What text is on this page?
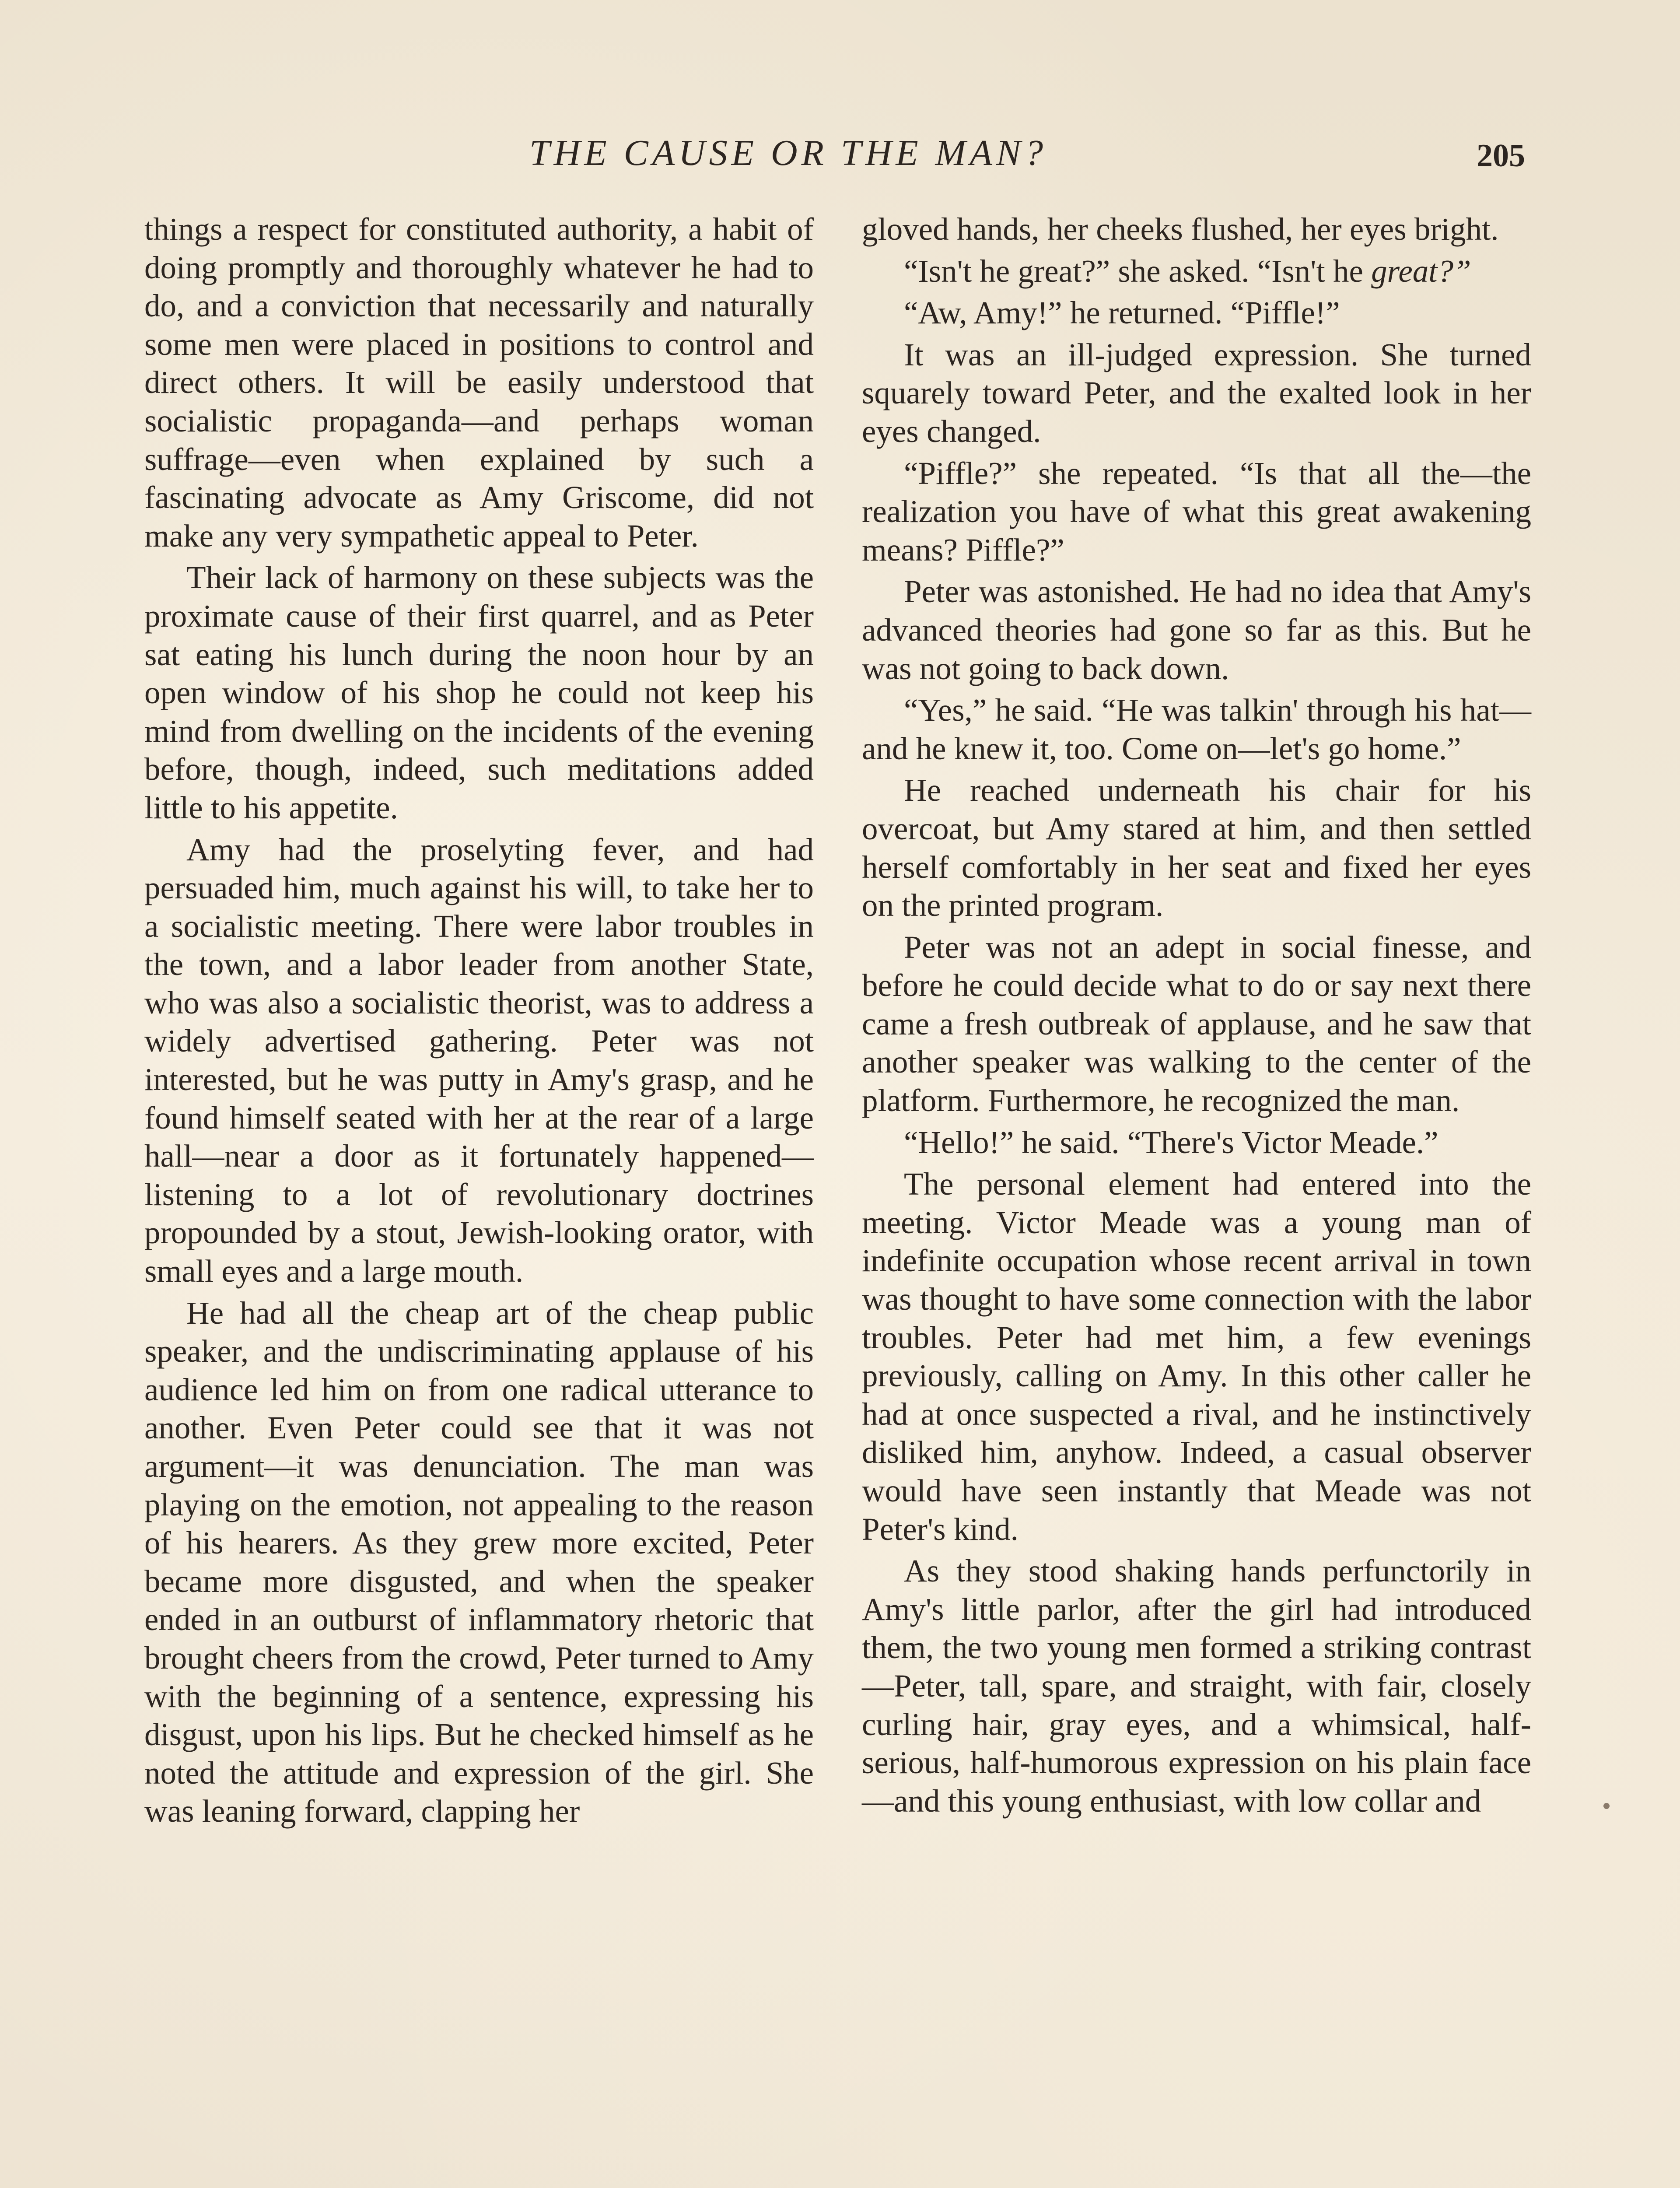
THE CAUSE OR THE MAN?	205

things a respect for constituted authority, a habit of doing promptly and thoroughly whatever he had to do, and a conviction that necessarily and naturally some men were placed in positions to control and direct others. It will be easily understood that socialistic propaganda—and perhaps woman suffrage—even when explained by such a fascinating advocate as Amy Griscome, did not make any very sympathetic appeal to Peter.

Their lack of harmony on these subjects was the proximate cause of their first quarrel, and as Peter sat eating his lunch during the noon hour by an open window of his shop he could not keep his mind from dwelling on the incidents of the evening before, though, indeed, such meditations added little to his appetite.

Amy had the proselyting fever, and had persuaded him, much against his will, to take her to a socialistic meeting. There were labor troubles in the town, and a labor leader from another State, who was also a socialistic theorist, was to address a widely advertised gathering. Peter was not interested, but he was putty in Amy's grasp, and he found himself seated with her at the rear of a large hall—near a door as it fortunately happened—listening to a lot of revolutionary doctrines propounded by a stout, Jewish-looking orator, with small eyes and a large mouth.

He had all the cheap art of the cheap public speaker, and the undiscriminating applause of his audience led him on from one radical utterance to another. Even Peter could see that it was not argument—it was denunciation. The man was playing on the emotion, not appealing to the reason of his hearers. As they grew more excited, Peter became more disgusted, and when the speaker ended in an outburst of inflammatory rhetoric that brought cheers from the crowd, Peter turned to Amy with the beginning of a sentence, expressing his disgust, upon his lips. But he checked himself as he noted the attitude and expression of the girl. She was leaning forward, clapping her

gloved hands, her cheeks flushed, her eyes bright.

“Isn't he great?” she asked. “Isn't he great?”

“Aw, Amy!” he returned. “Piffle!”

It was an ill-judged expression. She turned squarely toward Peter, and the exalted look in her eyes changed.

“Piffle?” she repeated. “Is that all the—the realization you have of what this great awakening means? Piffle?”

Peter was astonished. He had no idea that Amy's advanced theories had gone so far as this. But he was not going to back down.

“Yes,” he said. “He was talkin' through his hat—and he knew it, too. Come on—let's go home.”

He reached underneath his chair for his overcoat, but Amy stared at him, and then settled herself comfortably in her seat and fixed her eyes on the printed program.

Peter was not an adept in social finesse, and before he could decide what to do or say next there came a fresh outbreak of applause, and he saw that another speaker was walking to the center of the platform. Furthermore, he recognized the man.

“Hello!” he said. “There's Victor Meade.”

The personal element had entered into the meeting. Victor Meade was a young man of indefinite occupation whose recent arrival in town was thought to have some connection with the labor troubles. Peter had met him, a few evenings previously, calling on Amy. In this other caller he had at once suspected a rival, and he instinctively disliked him, anyhow. Indeed, a casual observer would have seen instantly that Meade was not Peter's kind.

As they stood shaking hands perfunctorily in Amy's little parlor, after the girl had introduced them, the two young men formed a striking contrast—Peter, tall, spare, and straight, with fair, closely curling hair, gray eyes, and a whimsical, half-serious, half-humorous expression on his plain face—and this young enthusiast, with low collar and
